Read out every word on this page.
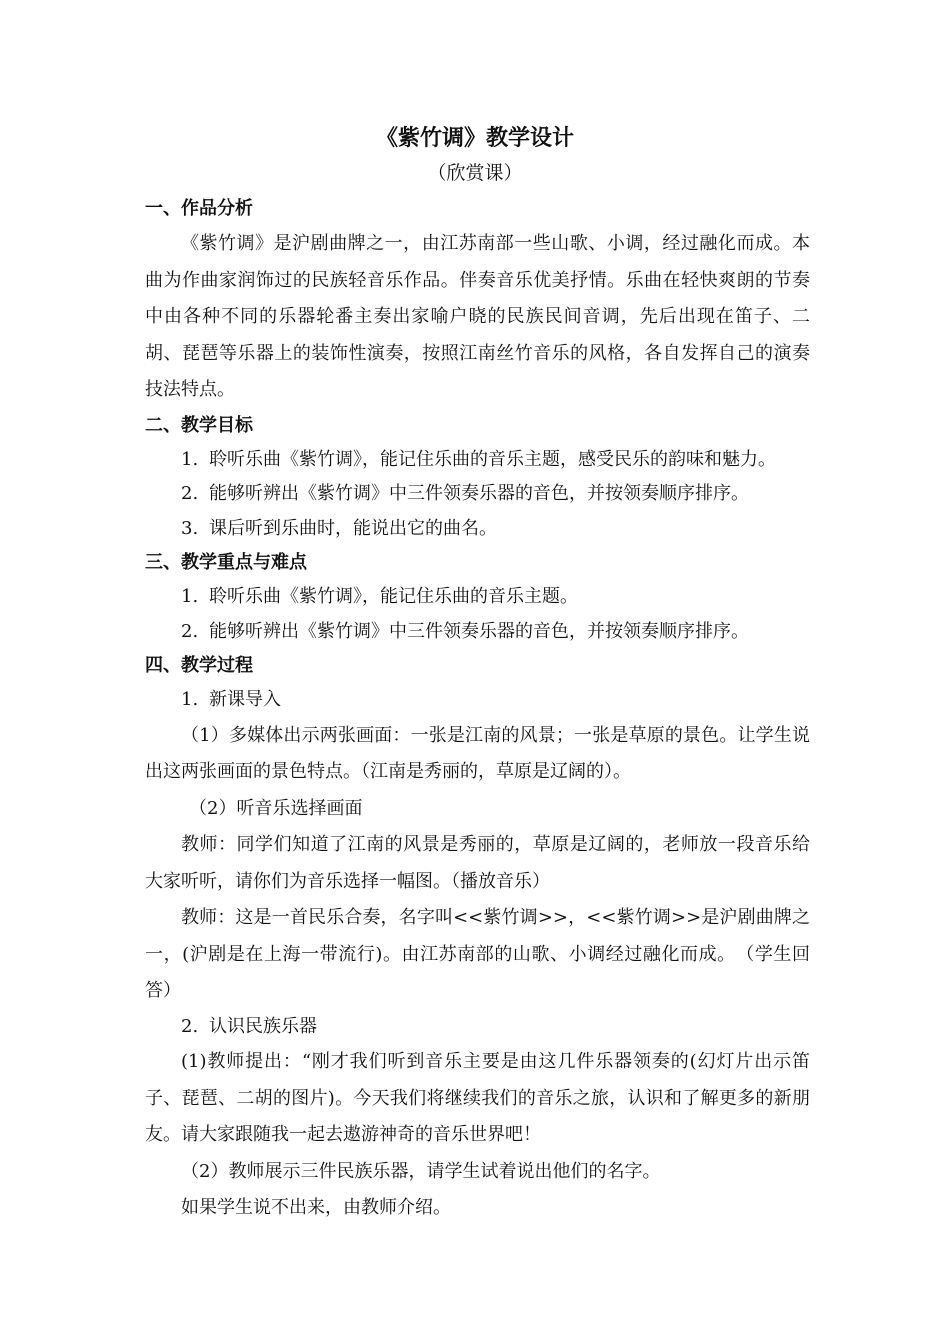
《紫竹调》教学设计
（欣赏课）

一、作品分析

《紫竹调》是沪剧曲牌之一，由江苏南部一些山歌、小调，经过融化而成。本曲为作曲家润饰过的民族轻音乐作品。伴奏音乐优美抒情。乐曲在轻快爽朗的节奏中由各种不同的乐器轮番主奏出家喻户晓的民族民间音调，先后出现在笛子、二胡、琵琶等乐器上的装饰性演奏，按照江南丝竹音乐的风格，各自发挥自己的演奏技法特点。

二、教学目标

1. 聆听乐曲《紫竹调》，能记住乐曲的音乐主题，感受民乐的韵味和魅力。

2. 能够听辨出《紫竹调》中三件领奏乐器的音色，并按领奏顺序排序。

3. 课后听到乐曲时，能说出它的曲名。

三、教学重点与难点

1. 聆听乐曲《紫竹调》，能记住乐曲的音乐主题。

2. 能够听辨出《紫竹调》中三件领奏乐器的音色，并按领奏顺序排序。

四、教学过程

1. 新课导入

（1）多媒体出示两张画面：一张是江南的风景；一张是草原的景色。让学生说出这两张画面的景色特点。（江南是秀丽的，草原是辽阔的）。

（2）听音乐选择画面

教师：同学们知道了江南的风景是秀丽的，草原是辽阔的，老师放一段音乐给大家听听，请你们为音乐选择一幅图。（播放音乐）

教师：这是一首民乐合奏，名字叫<<紫竹调>>，<<紫竹调>>是沪剧曲牌之一，(沪剧是在上海一带流行)。由江苏南部的山歌、小调经过融化而成。　（学生回答）

2. 认识民族乐器

(1)教师提出：“刚才我们听到音乐主要是由这几件乐器领奏的(幻灯片出示笛子、琵琶、二胡的图片)。今天我们将继续我们的音乐之旅，认识和了解更多的新朋友。请大家跟随我一起去遨游神奇的音乐世界吧！

（2）教师展示三件民族乐器，请学生试着说出他们的名字。

如果学生说不出来，由教师介绍。
